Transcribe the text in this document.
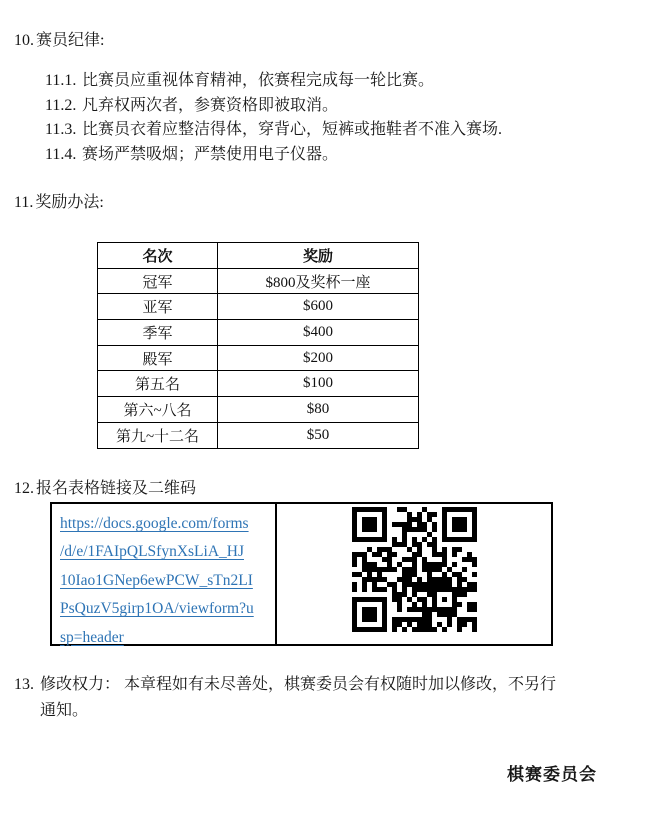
10. 赛员纪律:
11.1. 比赛员应重视体育精神，依赛程完成每一轮比赛。
11.2. 凡弃权两次者，参赛资格即被取消。
11.3. 比赛员衣着应整洁得体，穿背心，短裤或拖鞋者不准入赛场.
11.4. 赛场严禁吸烟；严禁使用电子仪器。
11. 奖励办法:
名次	奖励
冠军	$800及奖杯一座
亚军	$600
季军	$400
殿军	$200
第五名	$100
第六~八名	$80
第九~十二名	$50
12. 报名表格链接及二维码
https://docs.google.com/forms
/d/e/1FAIpQLSfynXsLiA_HJ
10Iao1GNep6ewPCW_sTn2LI
PsQuzV5girp1OA/viewform?u
sp=header
13. 修改权力： 本章程如有未尽善处，棋赛委员会有权随时加以修改，不另行
通知。
棋赛委员会
